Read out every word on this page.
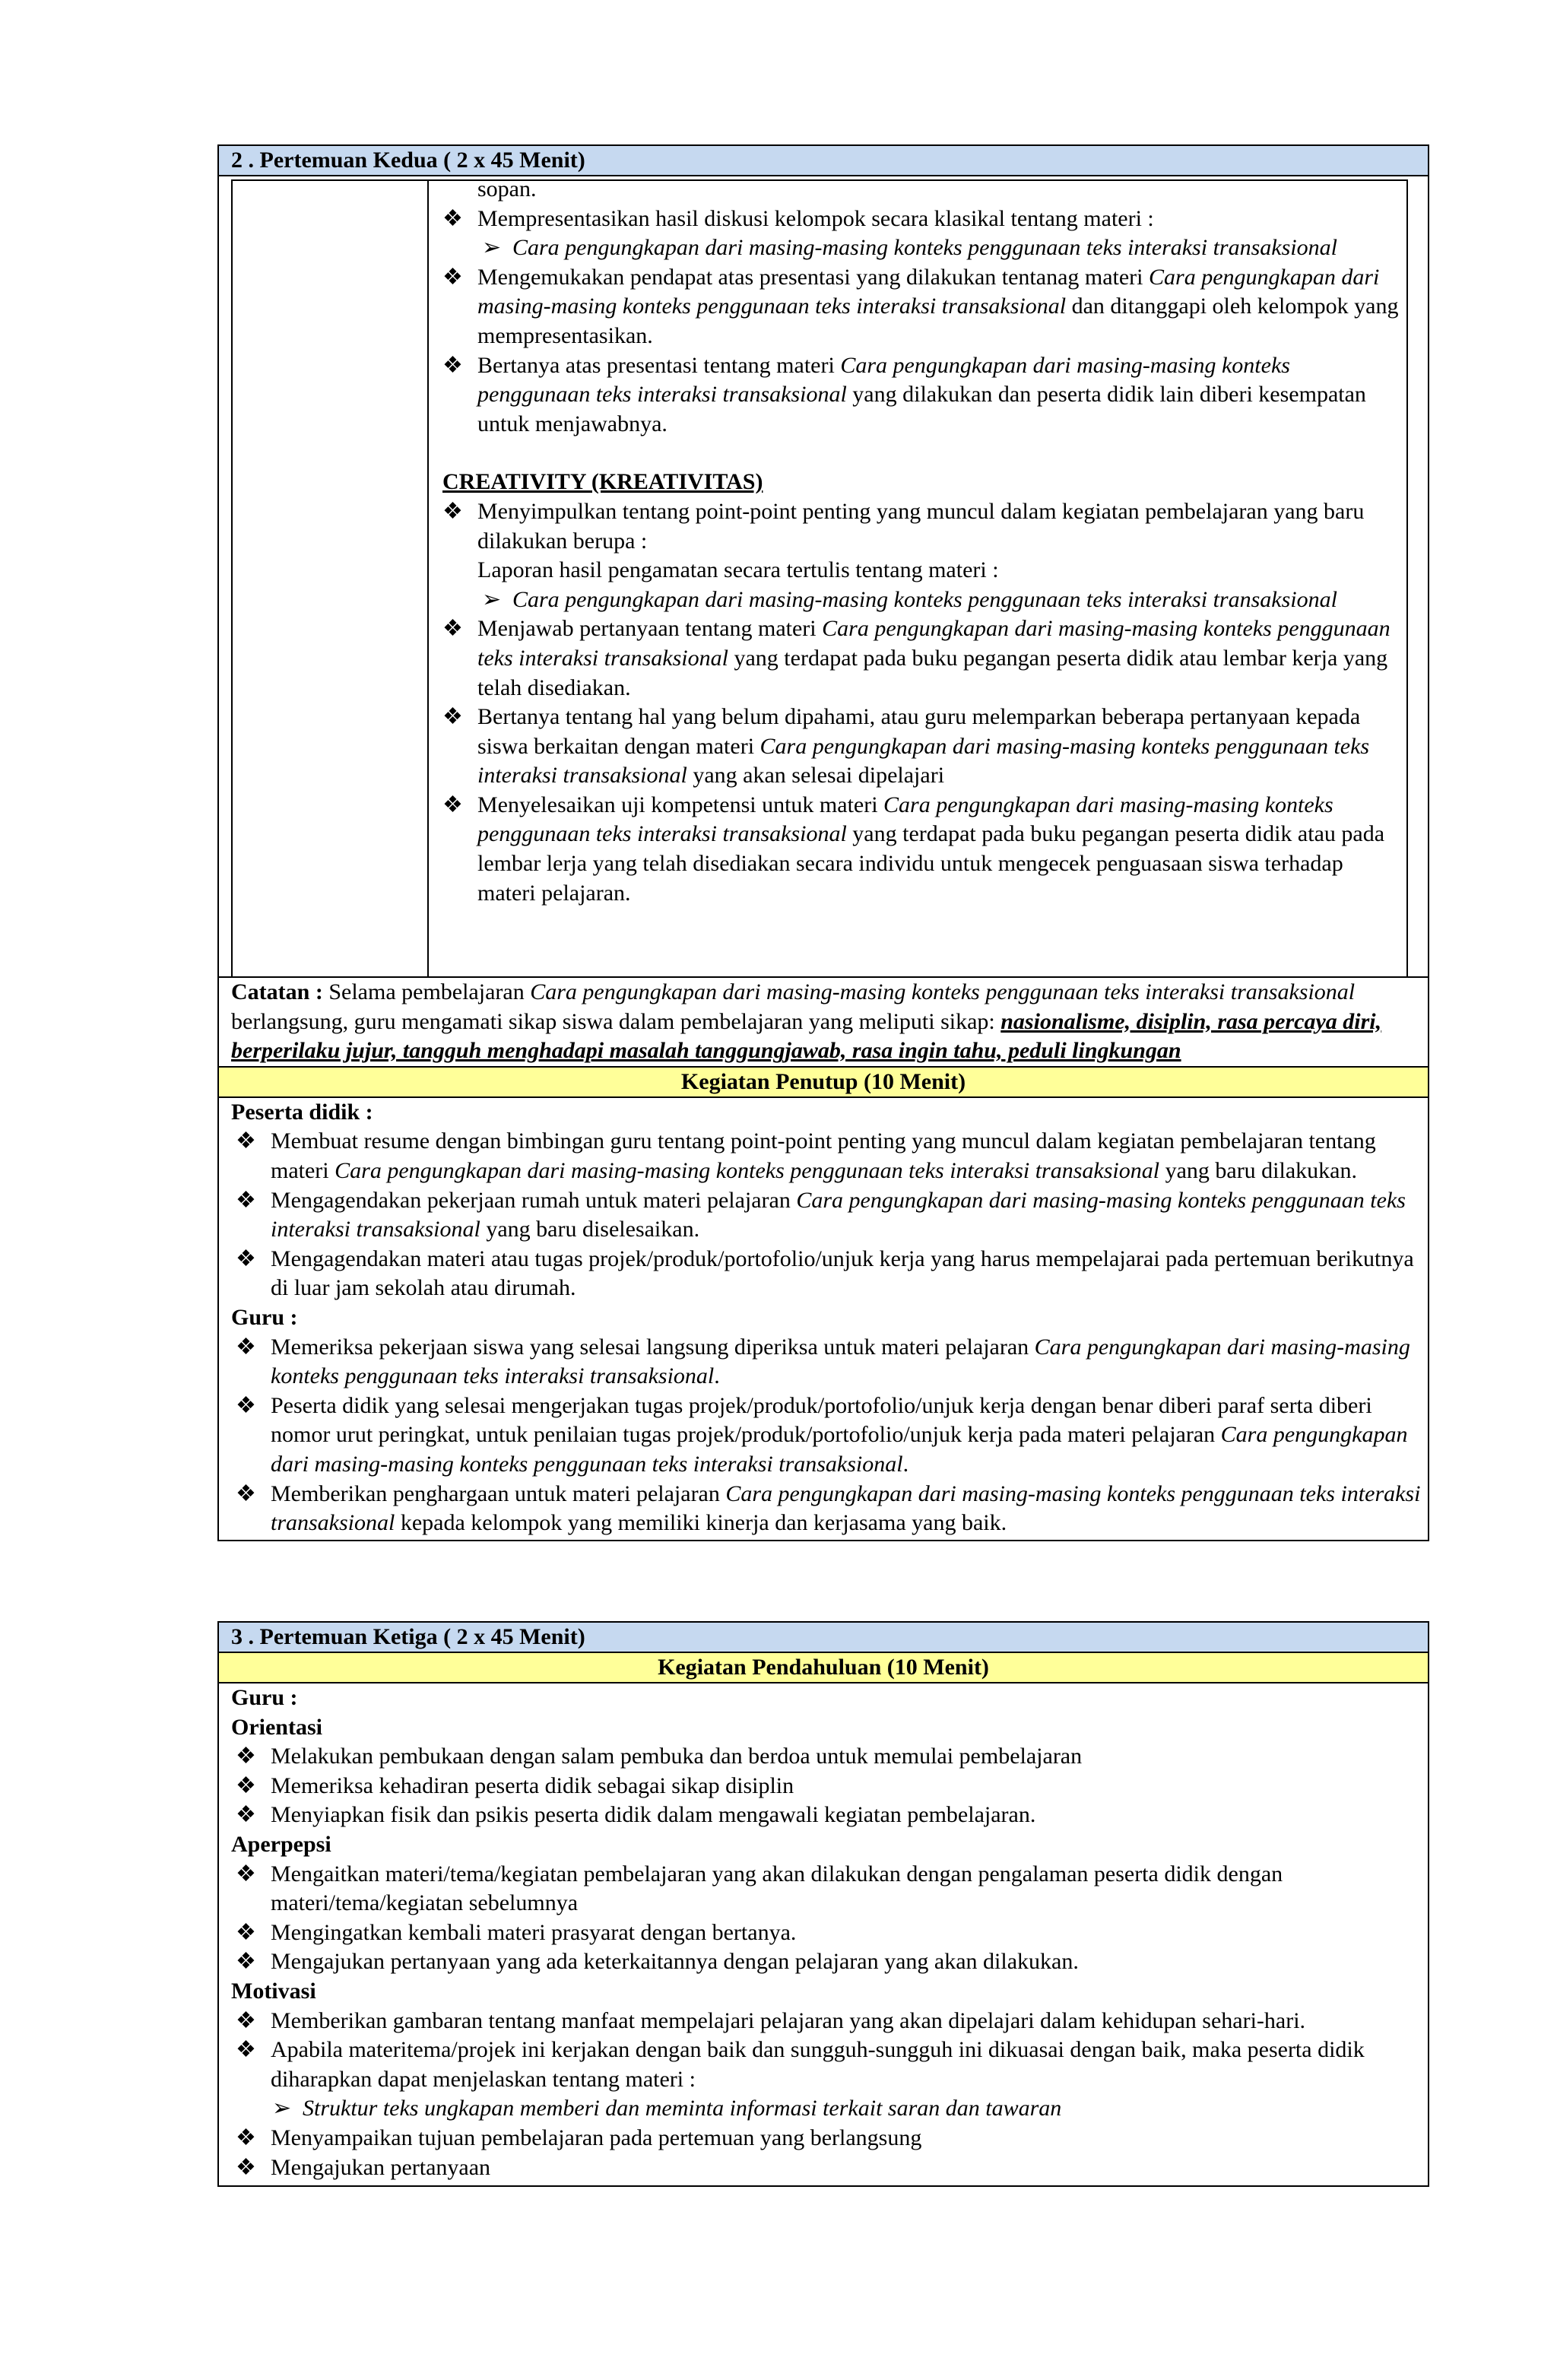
2 . Pertemuan Kedua ( 2 x 45 Menit)

sopan.

❖ Mempresentasikan hasil diskusi kelompok secara klasikal tentang materi :
➢ Cara pengungkapan dari masing-masing konteks penggunaan teks interaksi transaksional
❖ Mengemukakan pendapat atas presentasi yang dilakukan tentanag materi Cara pengungkapan dari masing-masing konteks penggunaan teks interaksi transaksional dan ditanggapi oleh kelompok yang mempresentasikan.
❖ Bertanya atas presentasi tentang materi Cara pengungkapan dari masing-masing konteks penggunaan teks interaksi transaksional yang dilakukan dan peserta didik lain diberi kesempatan untuk menjawabnya.

CREATIVITY (KREATIVITAS)

❖ Menyimpulkan tentang point-point penting yang muncul dalam kegiatan pembelajaran yang baru dilakukan berupa :

Laporan hasil pengamatan secara tertulis tentang materi :

➢ Cara pengungkapan dari masing-masing konteks penggunaan teks interaksi transaksional
❖ Menjawab pertanyaan tentang materi Cara pengungkapan dari masing-masing konteks penggunaan teks interaksi transaksional yang terdapat pada buku pegangan peserta didik atau lembar kerja yang telah disediakan.
❖ Bertanya tentang hal yang belum dipahami, atau guru melemparkan beberapa pertanyaan kepada siswa berkaitan dengan materi Cara pengungkapan dari masing-masing konteks penggunaan teks interaksi transaksional yang akan selesai dipelajari
❖ Menyelesaikan uji kompetensi untuk materi Cara pengungkapan dari masing-masing konteks penggunaan teks interaksi transaksional yang terdapat pada buku pegangan peserta didik atau pada lembar lerja yang telah disediakan secara individu untuk mengecek penguasaan siswa terhadap materi pelajaran.
Catatan : Selama pembelajaran Cara pengungkapan dari masing-masing konteks penggunaan teks interaksi transaksional berlangsung, guru mengamati sikap siswa dalam pembelajaran yang meliputi sikap: nasionalisme, disiplin, rasa percaya diri, berperilaku jujur, tangguh menghadapi masalah tanggungjawab, rasa ingin tahu, peduli lingkungan
Kegiatan Penutup (10 Menit)

Peserta didik :

❖ Membuat resume dengan bimbingan guru tentang point-point penting yang muncul dalam kegiatan pembelajaran tentang materi Cara pengungkapan dari masing-masing konteks penggunaan teks interaksi transaksional yang baru dilakukan.
❖ Mengagendakan pekerjaan rumah untuk materi pelajaran Cara pengungkapan dari masing-masing konteks penggunaan teks interaksi transaksional yang baru diselesaikan.
❖ Mengagendakan materi atau tugas projek/produk/portofolio/unjuk kerja yang harus mempelajarai pada pertemuan berikutnya di luar jam sekolah atau dirumah.

Guru :

❖ Memeriksa pekerjaan siswa yang selesai langsung diperiksa untuk materi pelajaran Cara pengungkapan dari masing-masing konteks penggunaan teks interaksi transaksional.
❖ Peserta didik yang selesai mengerjakan tugas projek/produk/portofolio/unjuk kerja dengan benar diberi paraf serta diberi nomor urut peringkat, untuk penilaian tugas projek/produk/portofolio/unjuk kerja pada materi pelajaran Cara pengungkapan dari masing-masing konteks penggunaan teks interaksi transaksional.
❖ Memberikan penghargaan untuk materi pelajaran Cara pengungkapan dari masing-masing konteks penggunaan teks interaksi transaksional kepada kelompok yang memiliki kinerja dan kerjasama yang baik.
3 . Pertemuan Ketiga ( 2 x 45 Menit)
Kegiatan Pendahuluan (10 Menit)

Guru :

Orientasi

❖ Melakukan pembukaan dengan salam pembuka dan berdoa untuk memulai pembelajaran
❖ Memeriksa kehadiran peserta didik sebagai sikap disiplin
❖ Menyiapkan fisik dan psikis peserta didik dalam mengawali kegiatan pembelajaran.

Aperpepsi

❖ Mengaitkan materi/tema/kegiatan pembelajaran yang akan dilakukan dengan pengalaman peserta didik dengan materi/tema/kegiatan sebelumnya
❖ Mengingatkan kembali materi prasyarat dengan bertanya.
❖ Mengajukan pertanyaan yang ada keterkaitannya dengan pelajaran yang akan dilakukan.

Motivasi

❖ Memberikan gambaran tentang manfaat mempelajari pelajaran yang akan dipelajari dalam kehidupan sehari-hari.
❖ Apabila materitema/projek ini kerjakan dengan baik dan sungguh-sungguh ini dikuasai dengan baik, maka peserta didik diharapkan dapat menjelaskan tentang materi :
➢ Struktur teks ungkapan memberi dan meminta informasi terkait saran dan tawaran
❖ Menyampaikan tujuan pembelajaran pada pertemuan yang berlangsung
❖ Mengajukan pertanyaan
